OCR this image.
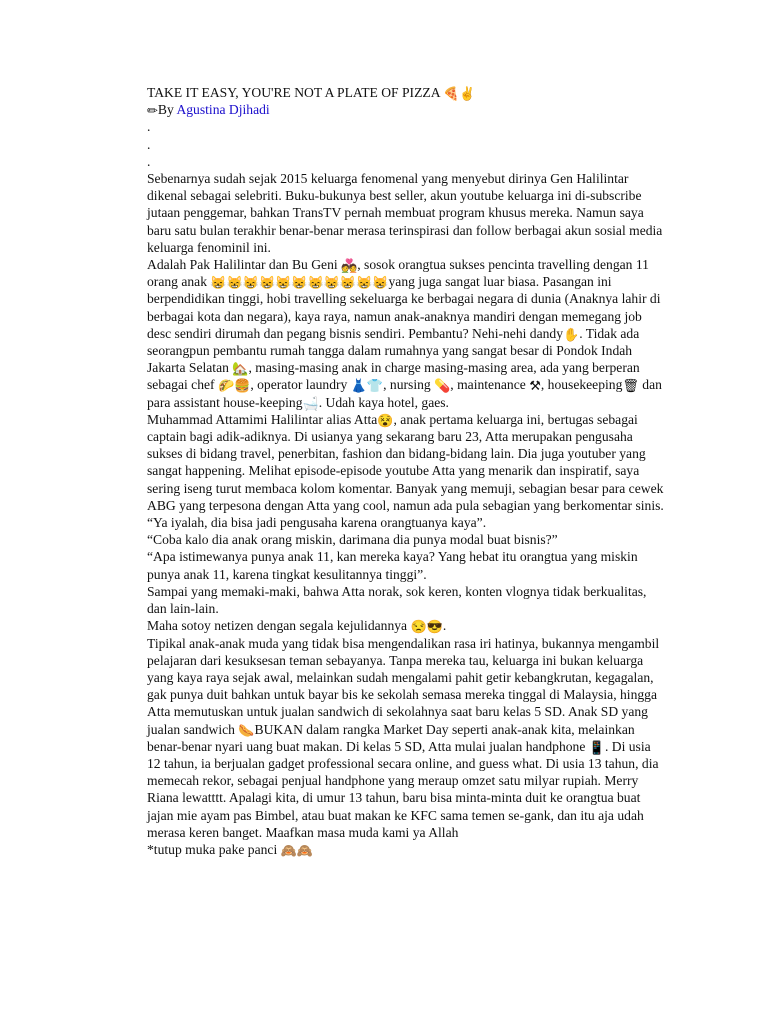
TAKE IT EASY, YOU'RE NOT A PLATE OF PIZZA 🍕✌

✏By Agustina Djihadi

.

.

.

Sebenarnya sudah sejak 2015 keluarga fenomenal yang menyebut dirinya Gen Halilintar dikenal sebagai selebriti. Buku-bukunya best seller, akun youtube keluarga ini di-subscribe jutaan penggemar, bahkan TransTV pernah membuat program khusus mereka. Namun saya baru satu bulan terakhir benar-benar merasa terinspirasi dan follow berbagai akun sosial media keluarga fenominil ini.

Adalah Pak Halilintar dan Bu Geni 💑, sosok orangtua sukses pencinta travelling dengan 11 orang anak 😸😸😸😸😸😸😸😸😸😸😸yang juga sangat luar biasa. Pasangan ini berpendidikan tinggi, hobi travelling sekeluarga ke berbagai negara di dunia (Anaknya lahir di berbagai kota dan negara), kaya raya, namun anak-anaknya mandiri dengan memegang job desc sendiri dirumah dan pegang bisnis sendiri. Pembantu? Nehi-nehi dandy✋. Tidak ada seorangpun pembantu rumah tangga dalam rumahnya yang sangat besar di Pondok Indah Jakarta Selatan 🏡, masing-masing anak in charge masing-masing area, ada yang berperan sebagai chef 🌮🍔, operator laundry 👗👕, nursing 💊, maintenance ⚒, housekeeping🗑 dan para assistant house-keeping🛁. Udah kaya hotel, gaes.

Muhammad Attamimi Halilintar alias Atta😵, anak pertama keluarga ini, bertugas sebagai captain bagi adik-adiknya. Di usianya yang sekarang baru 23, Atta merupakan pengusaha sukses di bidang travel, penerbitan, fashion dan bidang-bidang lain. Dia juga youtuber yang sangat happening. Melihat episode-episode youtube Atta yang menarik dan inspiratif, saya sering iseng turut membaca kolom komentar. Banyak yang memuji, sebagian besar para cewek ABG yang terpesona dengan Atta yang cool, namun ada pula sebagian yang berkomentar sinis.

“Ya iyalah, dia bisa jadi pengusaha karena orangtuanya kaya”.

“Coba kalo dia anak orang miskin, darimana dia punya modal buat bisnis?”

“Apa istimewanya punya anak 11, kan mereka kaya? Yang hebat itu orangtua yang miskin punya anak 11, karena tingkat kesulitannya tinggi”.

Sampai yang memaki-maki, bahwa Atta norak, sok keren, konten vlognya tidak berkualitas, dan lain-lain.

Maha sotoy netizen dengan segala kejulidannya 😒😎.

Tipikal anak-anak muda yang tidak bisa mengendalikan rasa iri hatinya, bukannya mengambil pelajaran dari kesuksesan teman sebayanya. Tanpa mereka tau, keluarga ini bukan keluarga yang kaya raya sejak awal, melainkan sudah mengalami pahit getir kebangkrutan, kegagalan, gak punya duit bahkan untuk bayar bis ke sekolah semasa mereka tinggal di Malaysia, hingga Atta memutuskan untuk jualan sandwich di sekolahnya saat baru kelas 5 SD. Anak SD yang jualan sandwich 🌭BUKAN dalam rangka Market Day seperti anak-anak kita, melainkan benar-benar nyari uang buat makan. Di kelas 5 SD, Atta mulai jualan handphone 📱. Di usia 12 tahun, ia berjualan gadget professional secara online, and guess what. Di usia 13 tahun, dia memecah rekor, sebagai penjual handphone yang meraup omzet satu milyar rupiah. Merry Riana lewatttt. Apalagi kita, di umur 13 tahun, baru bisa minta-minta duit ke orangtua buat jajan mie ayam pas Bimbel, atau buat makan ke KFC sama temen se-gank, dan itu aja udah merasa keren banget. Maafkan masa muda kami ya Allah

*tutup muka pake panci 🙈🙈
